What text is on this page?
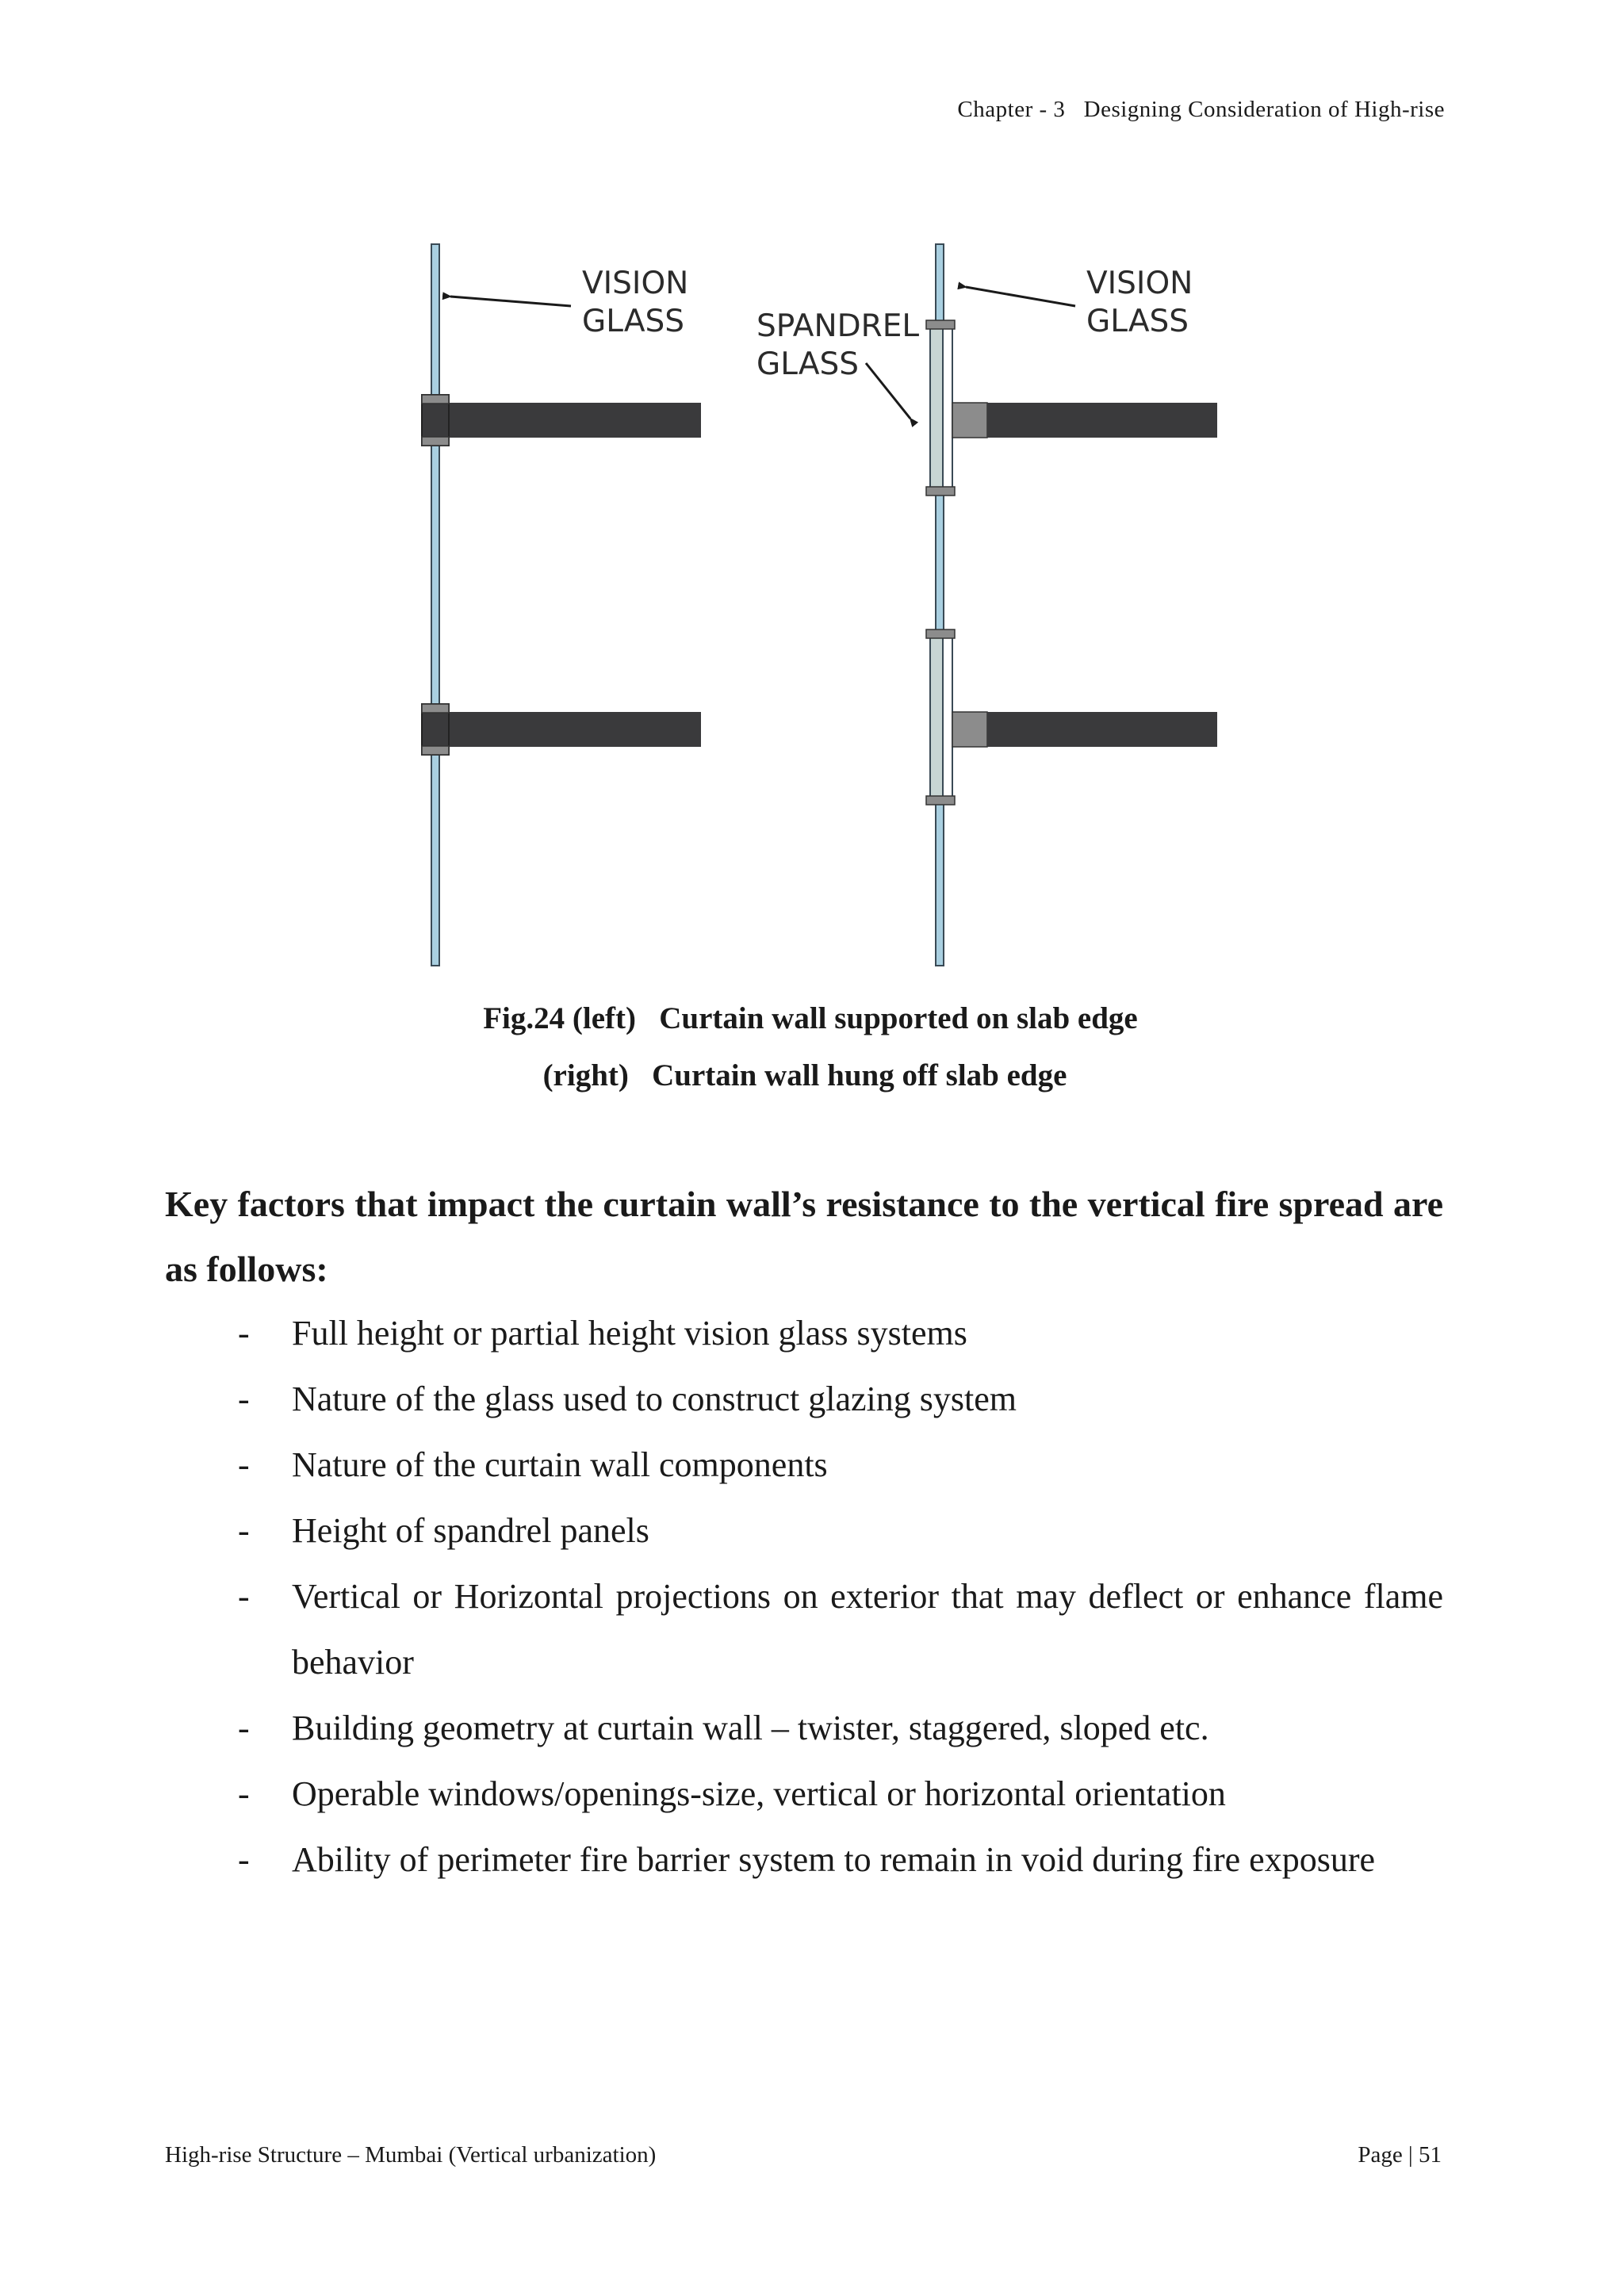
Chapter - 3 Designing Consideration of High-rise
VISION
GLASS
VISION
GLASS
SPANDREL
GLASS
Fig.24 (left)   Curtain wall supported on slab edge
(right)   Curtain wall hung off slab edge
Key factors that impact the curtain wall’s resistance to the vertical fire spread are as follows:
- Full height or partial height vision glass systems
- Nature of the glass used to construct glazing system
- Nature of the curtain wall components
- Height of spandrel panels
- Vertical or Horizontal projections on exterior that may deflect or enhance flame behavior
- Building geometry at curtain wall – twister, staggered, sloped etc.
- Operable windows/openings-size, vertical or horizontal orientation
- Ability of perimeter fire barrier system to remain in void during fire exposure
High-rise Structure – Mumbai (Vertical urbanization)	Page | 51
